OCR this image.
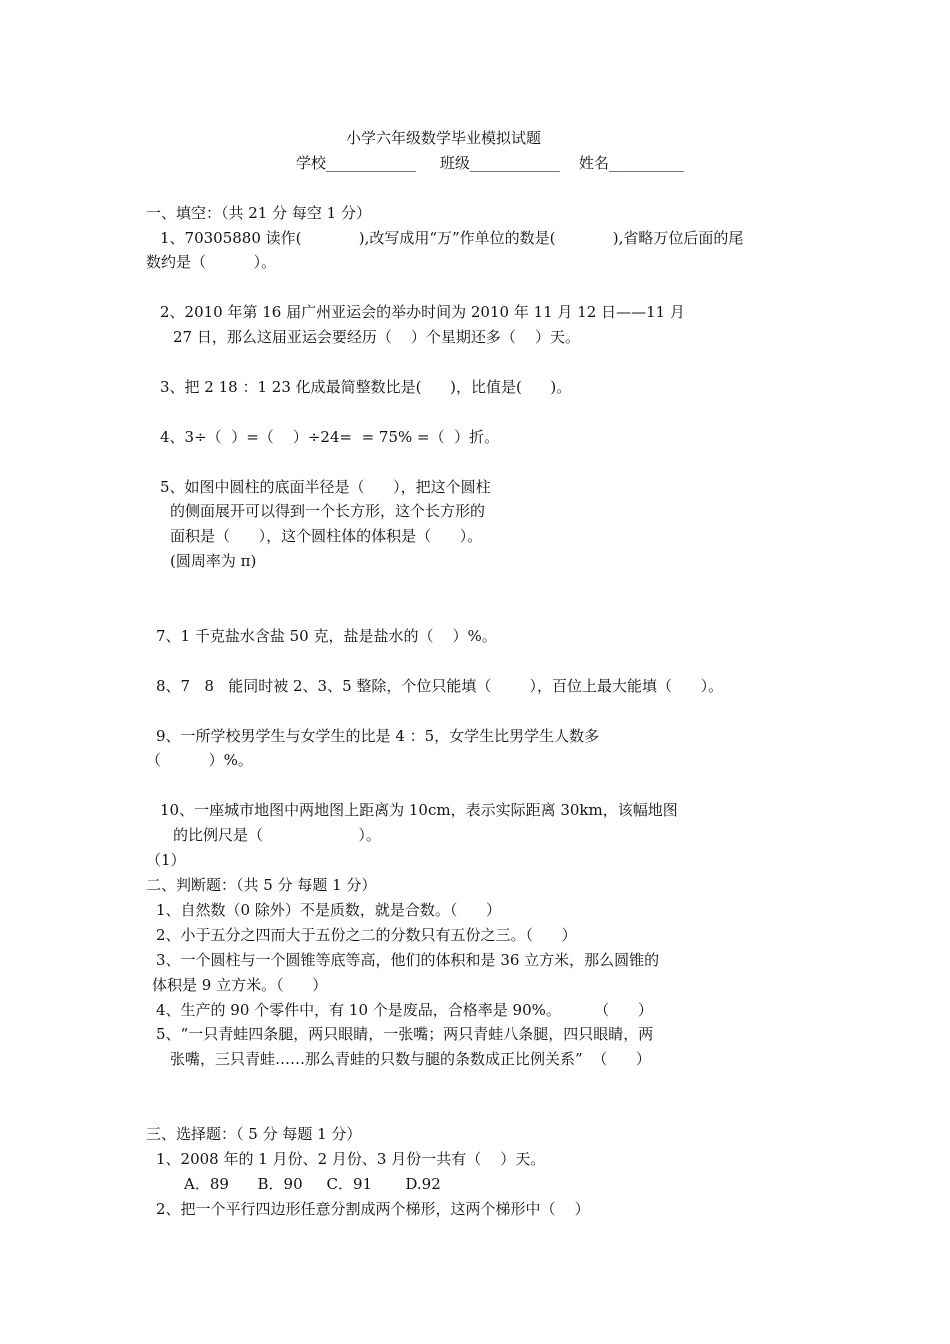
小学六年级数学毕业模拟试题
学校____________     班级____________    姓名__________
一、填空：（共 21 分 每空 1 分）
1、70305880 读作(            ),改写成用“万”作单位的数是(            ),省略万位后面的尾
数约是（          ）。
2、2010 年第 16 届广州亚运会的举办时间为 2010 年 11 月 12 日——11 月
27 日，那么这届亚运会要经历（    ）个星期还多（    ）天。
3、把 2 18 ：1 23 化成最简整数比是(      )，比值是(      )。
4、3÷（  ）=（    ）÷24=  = 75% =（  ）折。
5、如图中圆柱的底面半径是（      ），把这个圆柱
的侧面展开可以得到一个长方形，这个长方形的
面积是（      ），这个圆柱体的体积是（      ）。
(圆周率为 π)
7、1 千克盐水含盐 50 克，盐是盐水的（    ）%。
8、7   8   能同时被 2、3、5 整除，个位只能填（        ），百位上最大能填（      ）。
9、一所学校男学生与女学生的比是 4 ：5，女学生比男学生人数多
（          ）%。
10、一座城市地图中两地图上距离为 10cm，表示实际距离 30km，该幅地图
的比例尺是（                    ）。
（1）
二、判断题：（共 5 分 每题 1 分）
1、自然数（0 除外）不是质数，就是合数。（      ）
2、小于五分之四而大于五份之二的分数只有五份之三。（      ）
3、一个圆柱与一个圆锥等底等高，他们的体积和是 36 立方米，那么圆锥的
体积是 9 立方米。（      ）
4、生产的 90 个零件中，有 10 个是废品，合格率是 90%。       （      ）
5、“一只青蛙四条腿，两只眼睛，一张嘴；两只青蛙八条腿，四只眼睛，两
张嘴，三只青蛙……那么青蛙的只数与腿的条数成正比例关系”  （      ）
三、选择题：（ 5 分 每题 1 分）
1、2008 年的 1 月份、2 月份、3 月份一共有（    ）天。
A．89      B．90     C．91       D.92
2、把一个平行四边形任意分割成两个梯形，这两个梯形中（    ）
